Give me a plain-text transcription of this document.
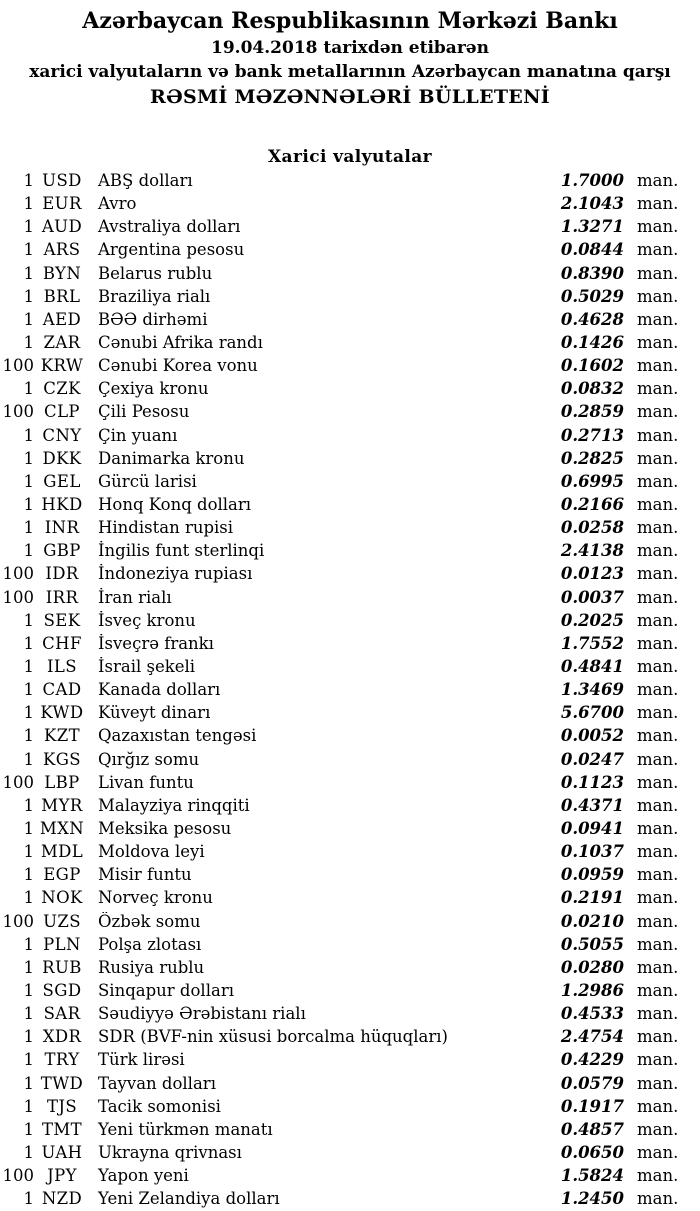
Azərbaycan Respublikasının Mərkəzi Bankı
19.04.2018 tarixdən etibarən
xarici valyutaların və bank metallarının Azərbaycan manatına qarşı
RƏSMİ MƏZƏNNƏLƏRİ BÜLLETENİ
Xarici valyutalar
1 USD ABŞ dolları	1.7000 man.
1 EUR Avro	2.1043 man.
1 AUD Avstraliya dolları	1.3271 man.
1 ARS	Argentina pesosu	0.0844 man.
1 BYN	Belarus rublu	0.8390 man.
1 BRL	Braziliya rialı	0.5029 man.
1 AED	BƏƏ dirhəmi	0.4628 man.
1 ZAR	Cənubi Afrika randı	0.1426 man.
100 KRW Cənubi Korea vonu	0.1602 man.
1 CZK	Çexiya kronu	0.0832 man.
100 CLP	Çili Pesosu	0.2859 man.
1 CNY Çin yuanı	0.2713 man.
1 DKK Danimarka kronu	0.2825 man.
1 GEL	Gürcü larisi	0.6995 man.
1 HKD Honq Konq dolları	0.2166 man.
1 INR	Hindistan rupisi	0.0258 man.
1 GBP	İngilis funt sterlinqi	2.4138 man.
100 IDR	İndoneziya rupiası	0.0123 man.
100 IRR	İran rialı	0.0037 man.
1 SEK	İsveç kronu	0.2025 man.
1 CHF İsveçrə frankı	1.7552 man.
1 ILS	İsrail şekeli	0.4841 man.
1 CAD	Kanada dolları	1.3469 man.
1 KWD Küveyt dinarı	5.6700 man.
1 KZT	Qazaxıstan tengəsi	0.0052 man.
1 KGS	Qırğız somu	0.0247 man.
100 LBP	Livan funtu	0.1123 man.
1 MYR Malayziya rinqqiti	0.4371 man.
1 MXN Meksika pesosu	0.0941 man.
1 MDL Moldova leyi	0.1037 man.
1 EGP	Misir funtu	0.0959 man.
1 NOK Norveç kronu	0.2191 man.
100 UZS	Özbək somu	0.0210 man.
1 PLN	Polşa zlotası	0.5055 man.
1 RUB Rusiya rublu	0.0280 man.
1 SGD	Sinqapur dolları	1.2986 man.
1 SAR	Səudiyyə Ərəbistanı rialı	0.4533 man.
1 XDR	SDR (BVF-nin xüsusi borcalma hüquqları)	2.4754 man.
1 TRY	Türk lirəsi	0.4229 man.
1 TWD Tayvan dolları	0.0579 man.
1 TJS	Tacik somonisi	0.1917 man.
1 TMT Yeni türkmən manatı	0.4857 man.
1 UAH Ukrayna qrivnası	0.0650 man.
100 JPY	Yapon yeni	1.5824 man.
1 NZD Yeni Zelandiya dolları	1.2450 man.
